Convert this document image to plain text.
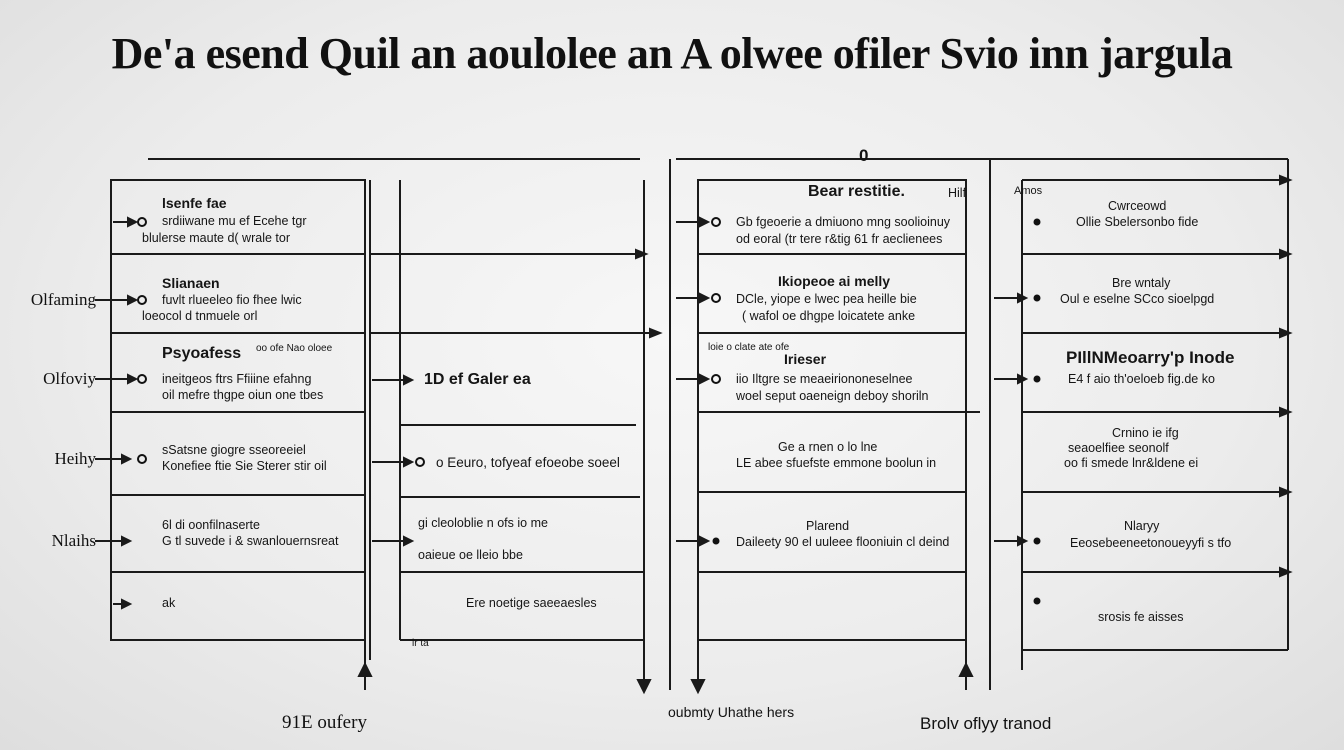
De'a esend Quil an aoulolee an A olwee ofiler Svio inn jargula
0
Olfaming
Olfoviy
Heihy
Nlaihs
lsenfe fae
srdiiwane mu ef Ecehe tgr
blulerse maute d( wrale tor
Slianaen
fuvlt rlueeleo fio fhee lwic
loeocol d tnmuele orl
Psyoafess oo ofe Nao oloee
ineitgeos ftrs Ffiiine efahng
oil mefre thgpe oiun one tbes
sSatsne giogre sseoreeiel
Konefiee ftie Sie Sterer stir oil
6l di oonfilnaserte
G tl suvede i & swanlouernsreat
ak
1D ef Galer ea
o Eeuro, tofyeaf efoeobe soeel
gi cleoloblie n ofs io me
oaieue oe lleio bbe
Ere noetige saeeaesles
lr ta
Bear restitie.	Hilf
Gb fgeoerie a dmiuono mng soolioinuy
od eoral (tr tere r&tig 61 fr aeclienees
Ikiopeoe ai melly
DCle, yiope e lwec pea heille bie
( wafol oe dhgpe loicatete anke
loie o clate ate ofe
Irieser
iio Iltgre se meaeiriononeselnee
woel seput oaeneign deboy shoriln
Ge a rnen o lo lne
LE abee sfuefste emmone boolun in
Plarend
Daileety 90 el uuleee flooniuin cl deind
Amos
Cwrceowd
Ollie Sbelersonbo fide
Bre wntaly
Oul e eselne SCco sioelpgd
PIllNMeoarry'p Inode
E4 f aio th'oeloeb fig.de ko
Crnino ie ifg
seaoelfiee seonolf
oo fi smede lnr&ldene ei
Nlaryy
Eeosebeeneetonoueyyfi s tfo
srosis fe aisses
91E oufery	oubmty Uhathe hers
Brolv oflyy tranod
